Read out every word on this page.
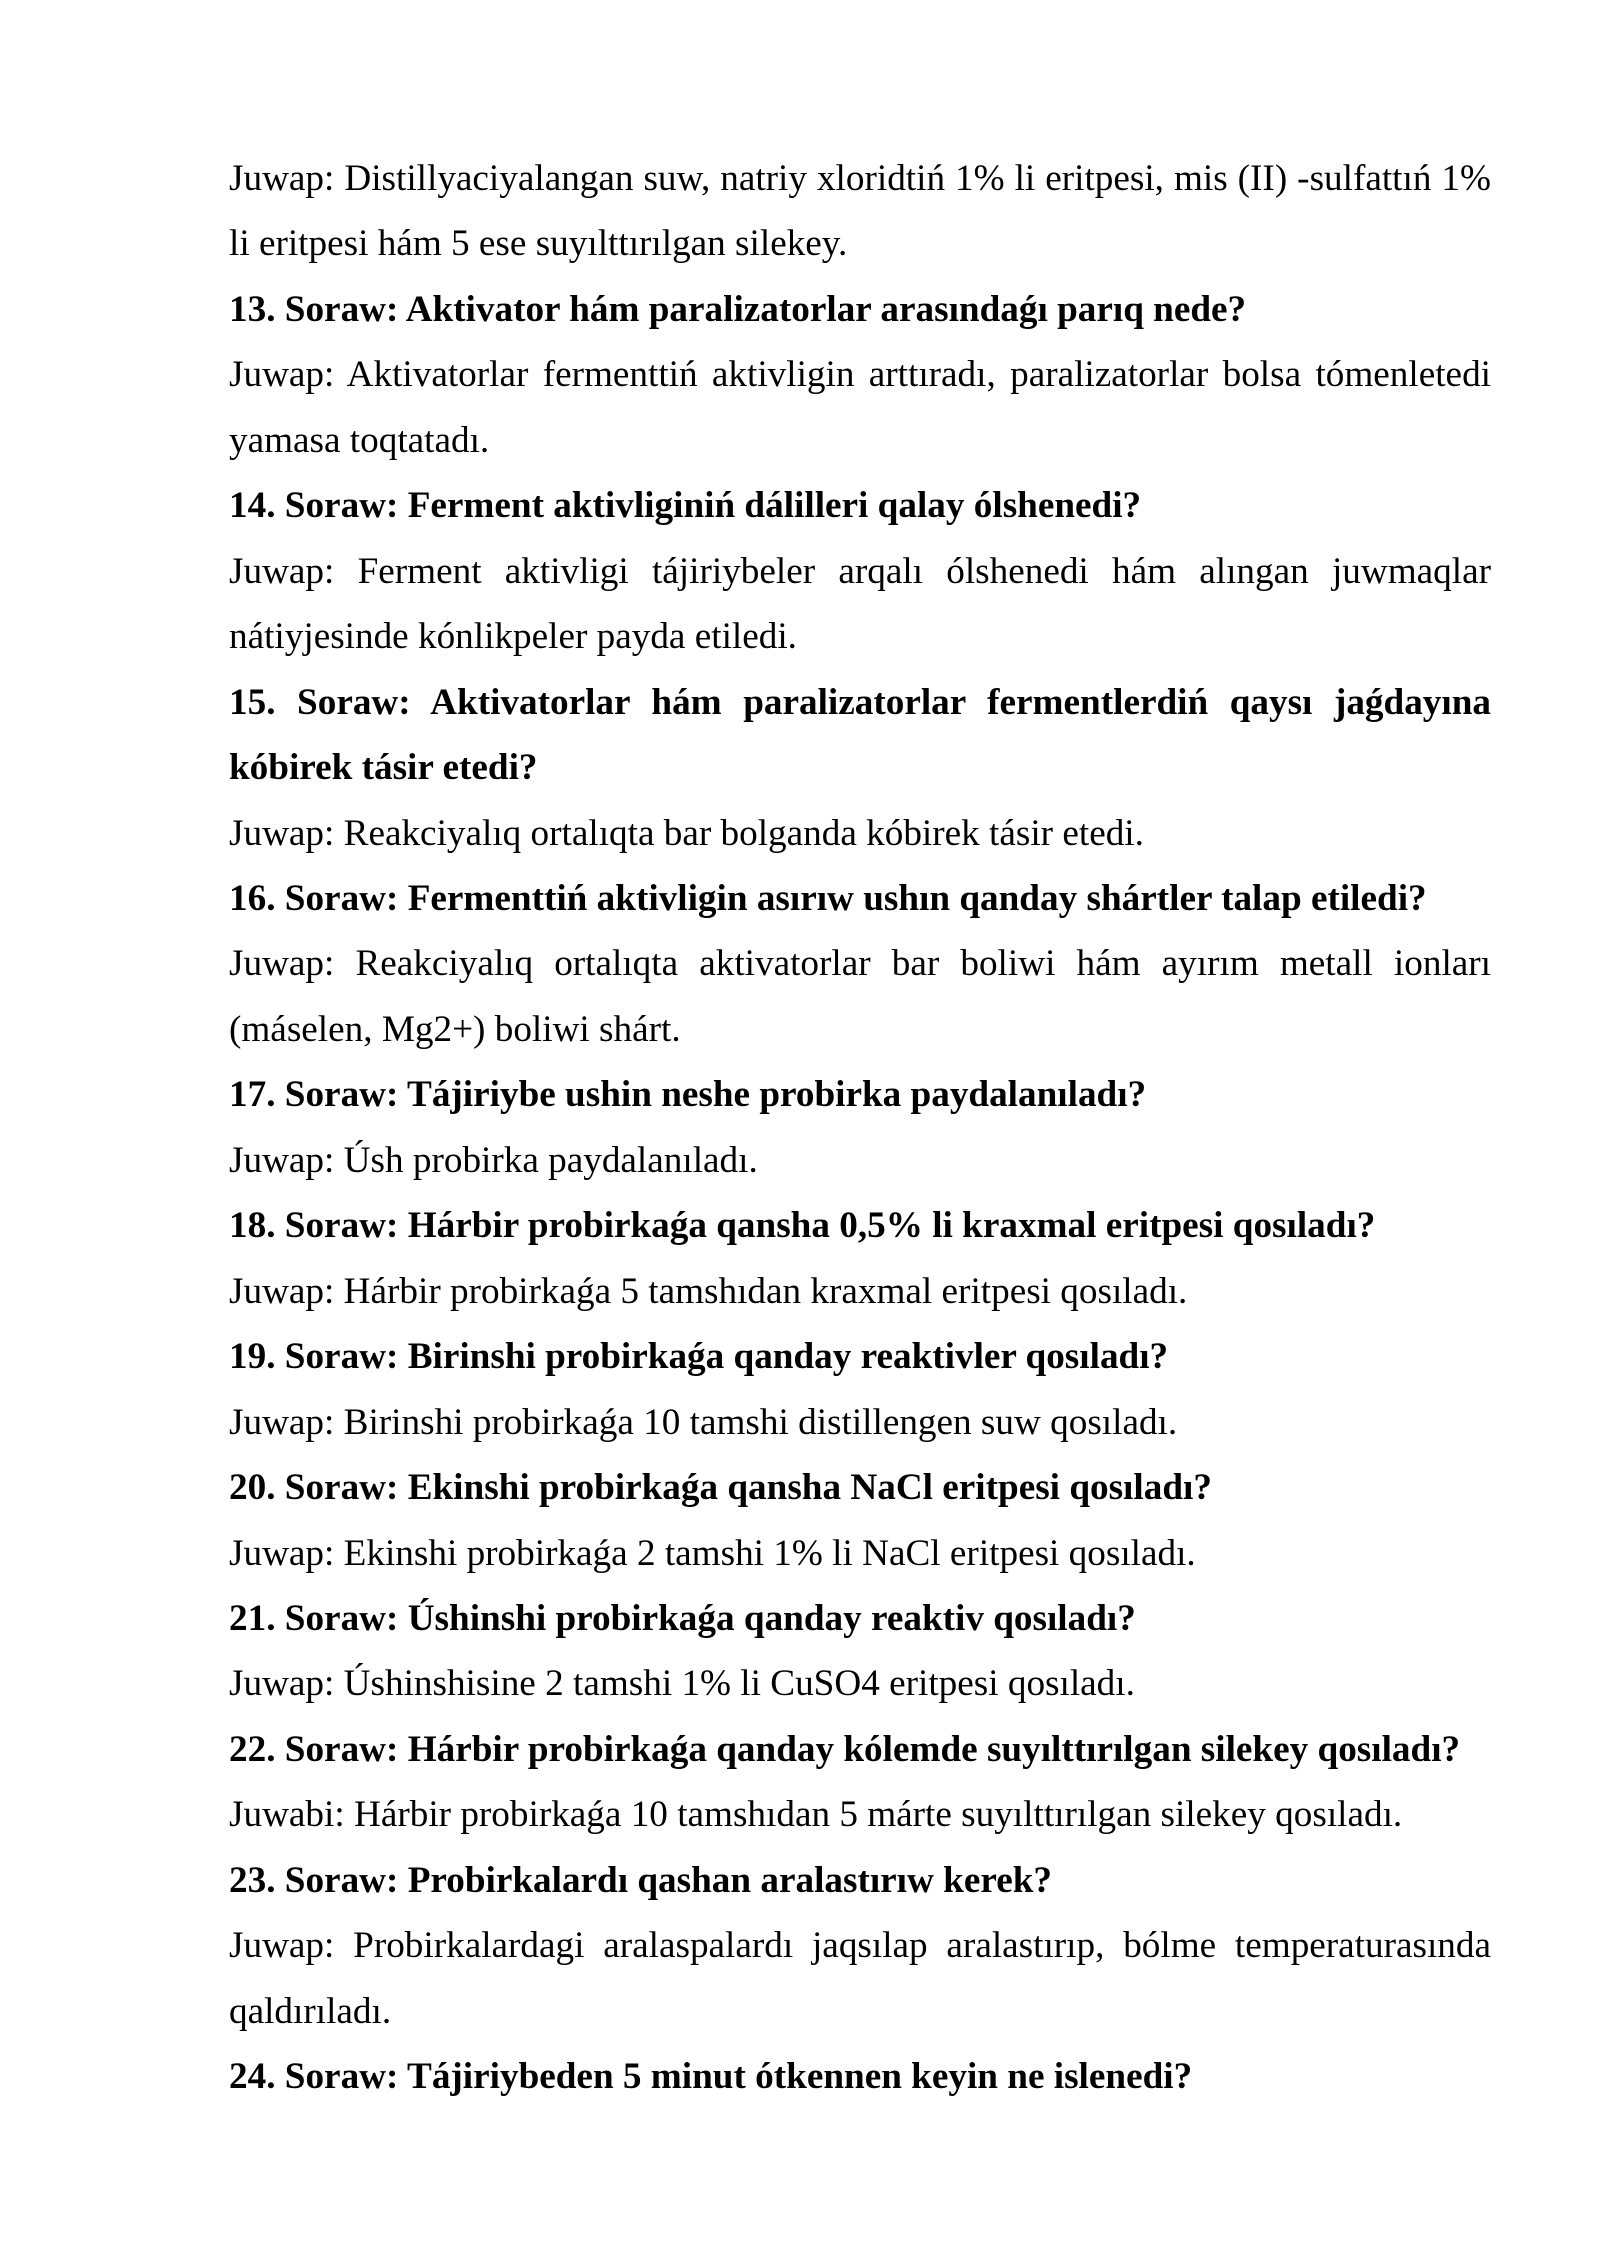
Juwap: Distillyaciyalangan suw, natriy xloridtiń 1% li eritpesi, mis (II) -sulfattıń 1%
li eritpesi hám 5 ese suyılttırılgan silekey.
13. Soraw: Aktivator hám paralizatorlar arasındaǵı parıq nede?
Juwap: Aktivatorlar fermenttiń aktivligin arttıradı, paralizatorlar bolsa tómenletedi
yamasa toqtatadı.
14. Soraw: Ferment aktivliginiń dálilleri qalay ólshenedi?
Juwap: Ferment aktivligi tájiriybeler arqalı ólshenedi hám alıngan juwmaqlar
nátiyjesinde kónlikpeler payda etiledi.
15. Soraw: Aktivatorlar hám paralizatorlar fermentlerdiń qaysı jaǵdayına
kóbirek tásir etedi?
Juwap: Reakciyalıq ortalıqta bar bolganda kóbirek tásir etedi.
16. Soraw: Fermenttiń aktivligin asırıw ushın qanday shártler talap etiledi?
Juwap: Reakciyalıq ortalıqta aktivatorlar bar boliwi hám ayırım metall ionları
(máselen, Mg2+) boliwi shárt.
17. Soraw: Tájiriybe ushin neshe probirka paydalanıladı?
Juwap: Úsh probirka paydalanıladı.
18. Soraw: Hárbir probirkaǵa qansha 0,5% li kraxmal eritpesi qosıladı?
Juwap: Hárbir probirkaǵa 5 tamshıdan kraxmal eritpesi qosıladı.
19. Soraw: Birinshi probirkaǵa qanday reaktivler qosıladı?
Juwap: Birinshi probirkaǵa 10 tamshi distillengen suw qosıladı.
20. Soraw: Ekinshi probirkaǵa qansha NaCl eritpesi qosıladı?
Juwap: Ekinshi probirkaǵa 2 tamshi 1% li NaCl eritpesi qosıladı.
21. Soraw: Úshinshi probirkaǵa qanday reaktiv qosıladı?
Juwap: Úshinshisine 2 tamshi 1% li CuSO4 eritpesi qosıladı.
22. Soraw: Hárbir probirkaǵa qanday kólemde suyılttırılgan silekey qosıladı?
Juwabi: Hárbir probirkaǵa 10 tamshıdan 5 márte suyılttırılgan silekey qosıladı.
23. Soraw: Probirkalardı qashan aralastırıw kerek?
Juwap: Probirkalardagi aralaspalardı jaqsılap aralastırıp, bólme temperaturasında
qaldırıladı.
24. Soraw: Tájiriybeden 5 minut ótkennen keyin ne islenedi?
